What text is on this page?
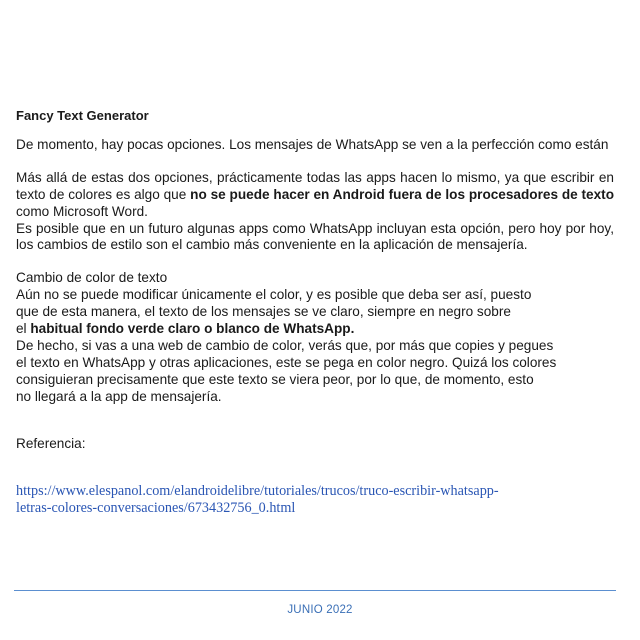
Fancy Text Generator

De momento, hay pocas opciones. Los mensajes de WhatsApp se ven a la perfección como están

Más allá de estas dos opciones, prácticamente todas las apps hacen lo mismo, ya que escribir en texto de colores es algo que no se puede hacer en Android fuera de los procesadores de texto como Microsoft Word.

Es posible que en un futuro algunas apps como WhatsApp incluyan esta opción, pero hoy por hoy, los cambios de estilo son el cambio más conveniente en la aplicación de mensajería.

Cambio de color de texto

Aún no se puede modificar únicamente el color, y es posible que deba ser así, puesto
que de esta manera, el texto de los mensajes se ve claro, siempre en negro sobre
el habitual fondo verde claro o blanco de WhatsApp.

De hecho, si vas a una web de cambio de color, verás que, por más que copies y pegues
el texto en WhatsApp y otras aplicaciones, este se pega en color negro. Quizá los colores
consiguieran precisamente que este texto se viera peor, por lo que, de momento, esto
no llegará a la app de mensajería.

Referencia:

https://www.elespanol.com/elandroidelibre/tutoriales/trucos/truco-escribir-whatsapp-
letras-colores-conversaciones/673432756_0.html
JUNIO 2022
